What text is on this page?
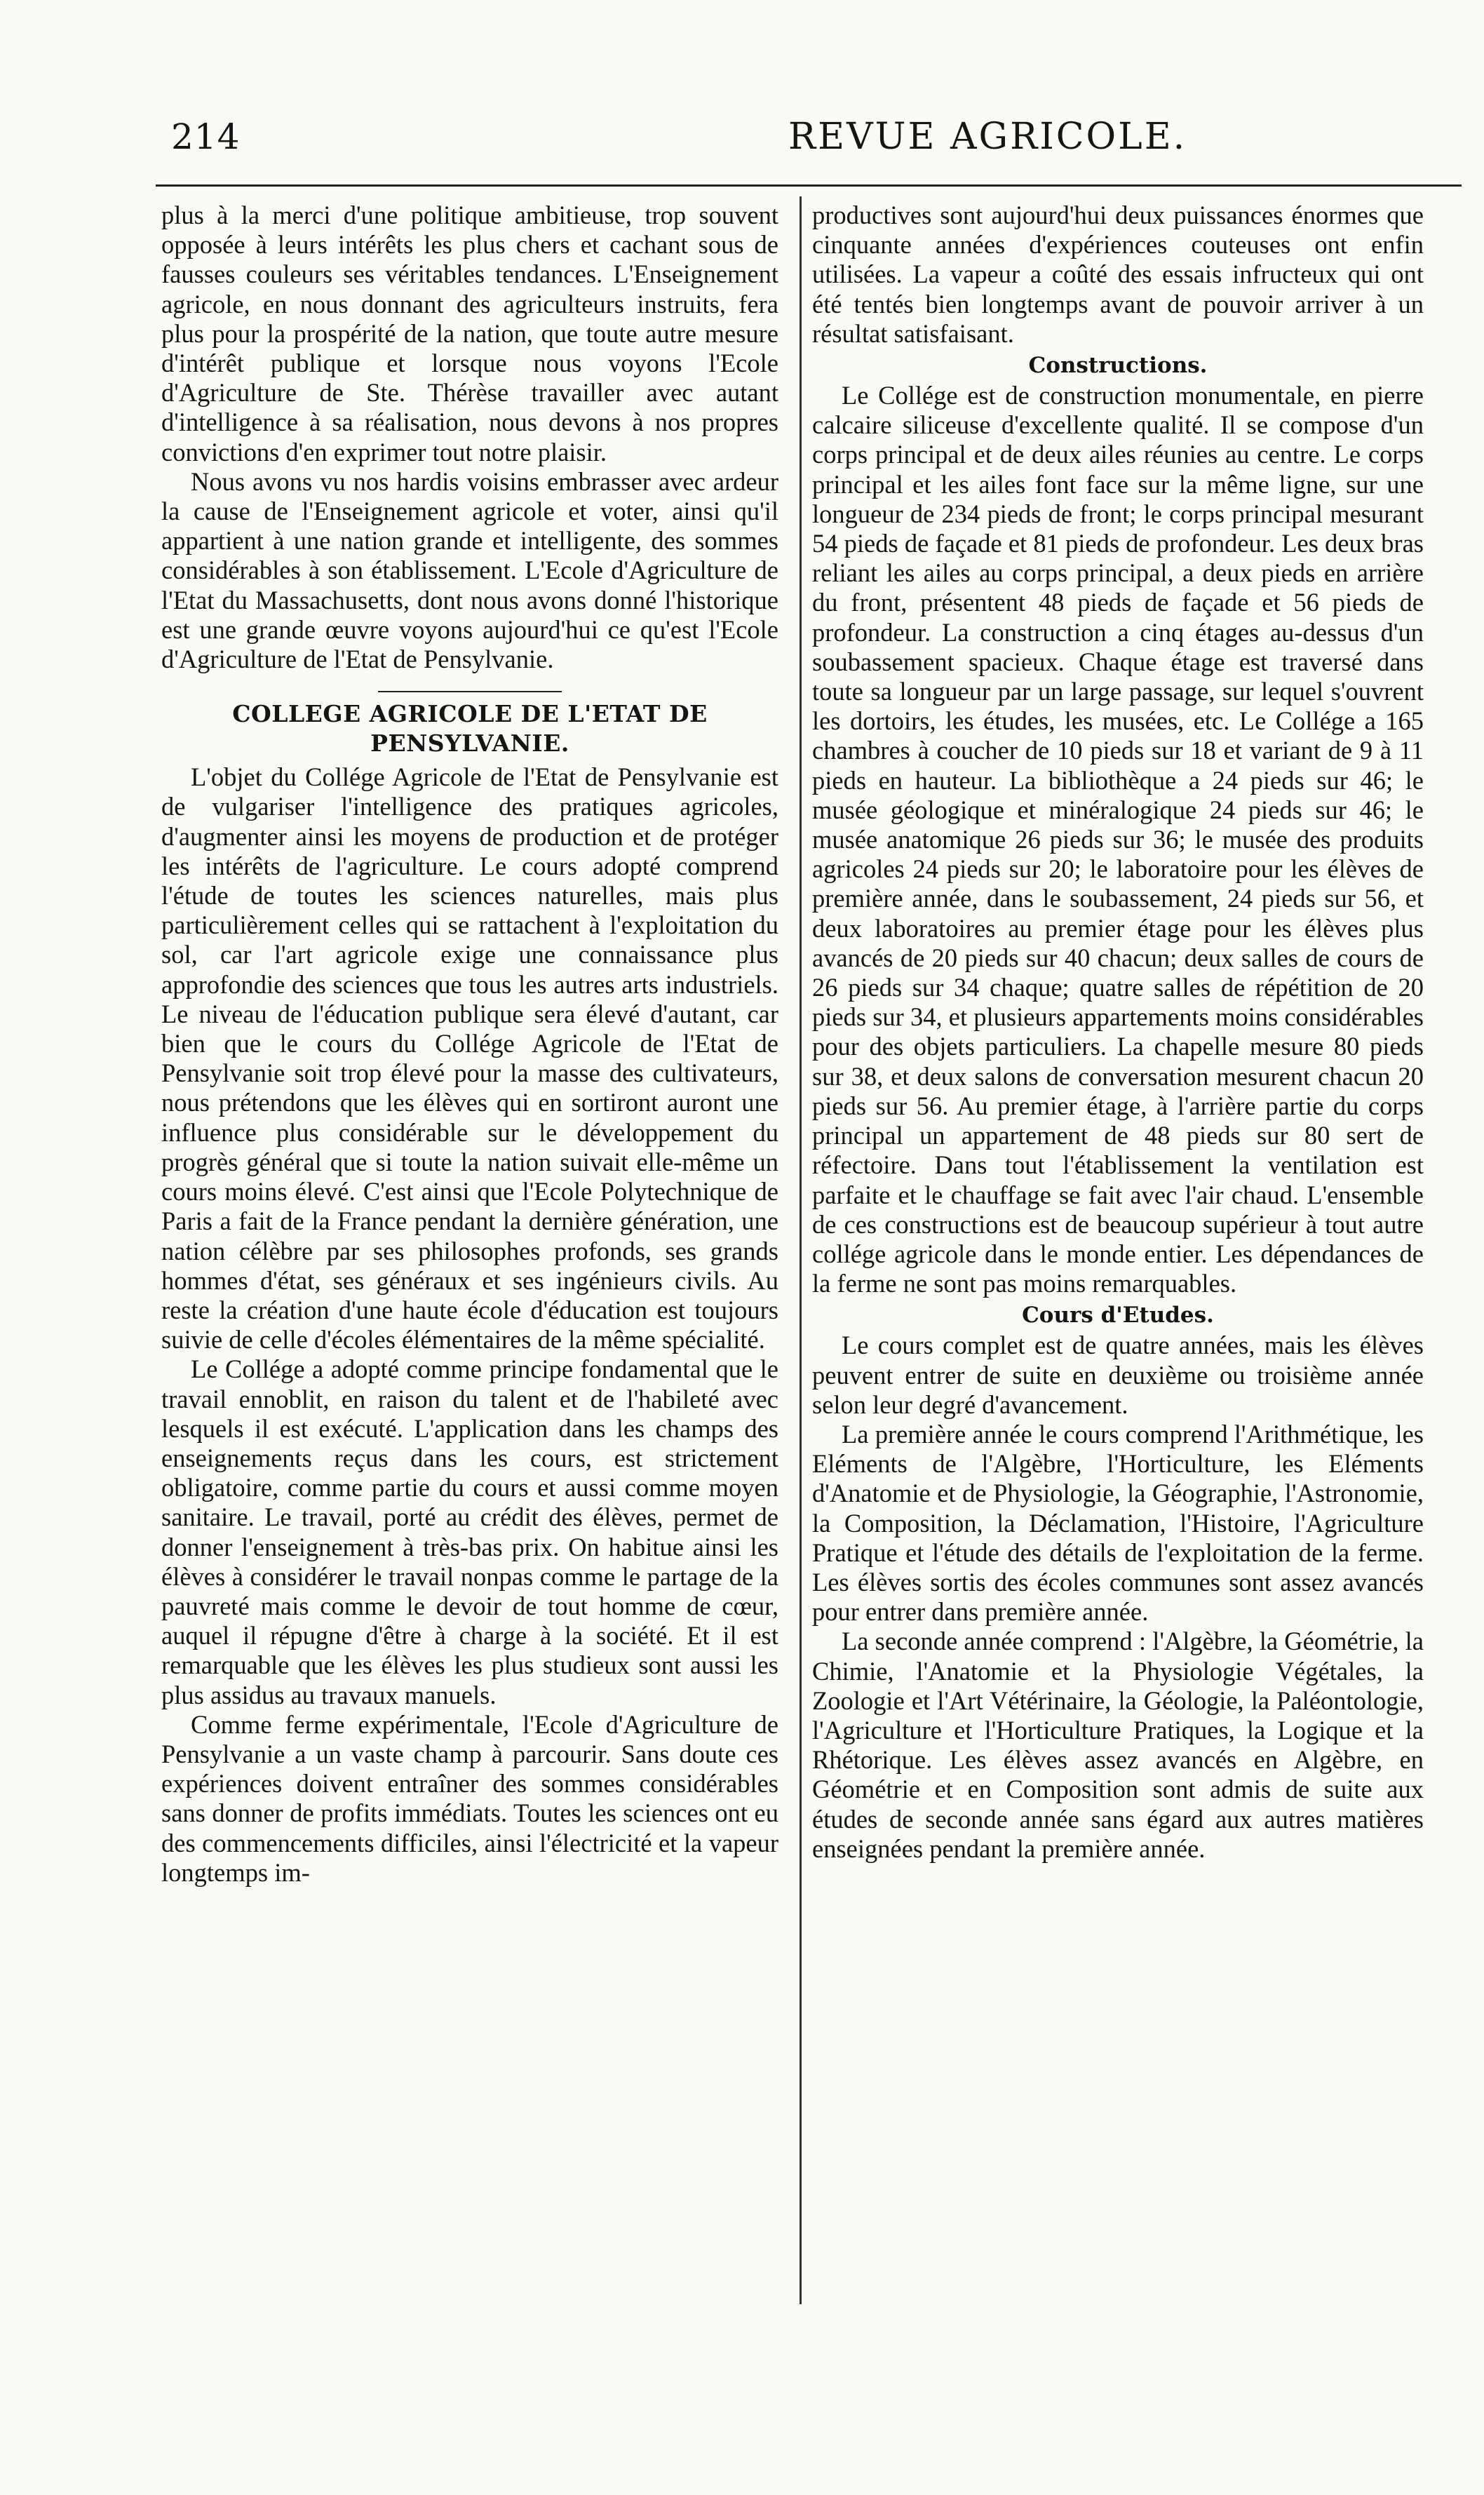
214	REVUE AGRICOLE.

plus à la merci d'une politique ambitieuse, trop souvent opposée à leurs intérêts les plus chers et cachant sous de fausses couleurs ses véritables tendances. L'Enseignement agricole, en nous donnant des agriculteurs instruits, fera plus pour la prospérité de la nation, que toute autre mesure d'intérêt publique et lorsque nous voyons l'Ecole d'Agriculture de Ste. Thérèse travailler avec autant d'intelligence à sa réalisation, nous devons à nos propres convictions d'en exprimer tout notre plaisir.

Nous avons vu nos hardis voisins embrasser avec ardeur la cause de l'Enseignement agricole et voter, ainsi qu'il appartient à une nation grande et intelligente, des sommes considérables à son établissement. L'Ecole d'Agriculture de l'Etat du Massachusetts, dont nous avons donné l'historique est une grande œuvre voyons aujourd'hui ce qu'est l'Ecole d'Agriculture de l'Etat de Pensylvanie.

COLLEGE AGRICOLE DE L'ETAT DE PENSYLVANIE.

L'objet du Collége Agricole de l'Etat de Pensylvanie est de vulgariser l'intelligence des pratiques agricoles, d'augmenter ainsi les moyens de production et de protéger les intérêts de l'agriculture. Le cours adopté comprend l'étude de toutes les sciences naturelles, mais plus particulièrement celles qui se rattachent à l'exploitation du sol, car l'art agricole exige une connaissance plus approfondie des sciences que tous les autres arts industriels. Le niveau de l'éducation publique sera élevé d'autant, car bien que le cours du Collége Agricole de l'Etat de Pensylvanie soit trop élevé pour la masse des cultivateurs, nous prétendons que les élèves qui en sortiront auront une influence plus considérable sur le développement du progrès général que si toute la nation suivait elle-même un cours moins élevé. C'est ainsi que l'Ecole Polytechnique de Paris a fait de la France pendant la dernière génération, une nation célèbre par ses philosophes profonds, ses grands hommes d'état, ses généraux et ses ingénieurs civils. Au reste la création d'une haute école d'éducation est toujours suivie de celle d'écoles élémentaires de la même spécialité.

Le Collége a adopté comme principe fondamental que le travail ennoblit, en raison du talent et de l'habileté avec lesquels il est exécuté. L'application dans les champs des enseignements reçus dans les cours, est strictement obligatoire, comme partie du cours et aussi comme moyen sanitaire. Le travail, porté au crédit des élèves, permet de donner l'enseignement à très-bas prix. On habitue ainsi les élèves à considérer le travail nonpas comme le partage de la pauvreté mais comme le devoir de tout homme de cœur, auquel il répugne d'être à charge à la société. Et il est remarquable que les élèves les plus studieux sont aussi les plus assidus au travaux manuels.

Comme ferme expérimentale, l'Ecole d'Agriculture de Pensylvanie a un vaste champ à parcourir. Sans doute ces expériences doivent entraîner des sommes considérables sans donner de profits immédiats. Toutes les sciences ont eu des commencements difficiles, ainsi l'électricité et la vapeur longtemps im-

productives sont aujourd'hui deux puissances énormes que cinquante années d'expériences couteuses ont enfin utilisées. La vapeur a coûté des essais infructeux qui ont été tentés bien longtemps avant de pouvoir arriver à un résultat satisfaisant.

Constructions.

Le Collége est de construction monumentale, en pierre calcaire siliceuse d'excellente qualité. Il se compose d'un corps principal et de deux ailes réunies au centre. Le corps principal et les ailes font face sur la même ligne, sur une longueur de 234 pieds de front; le corps principal mesurant 54 pieds de façade et 81 pieds de profondeur. Les deux bras reliant les ailes au corps principal, a deux pieds en arrière du front, présentent 48 pieds de façade et 56 pieds de profondeur. La construction a cinq étages au-dessus d'un soubassement spacieux. Chaque étage est traversé dans toute sa longueur par un large passage, sur lequel s'ouvrent les dortoirs, les études, les musées, etc. Le Collége a 165 chambres à coucher de 10 pieds sur 18 et variant de 9 à 11 pieds en hauteur. La bibliothèque a 24 pieds sur 46; le musée géologique et minéralogique 24 pieds sur 46; le musée anatomique 26 pieds sur 36; le musée des produits agricoles 24 pieds sur 20; le laboratoire pour les élèves de première année, dans le soubassement, 24 pieds sur 56, et deux laboratoires au premier étage pour les élèves plus avancés de 20 pieds sur 40 chacun; deux salles de cours de 26 pieds sur 34 chaque; quatre salles de répétition de 20 pieds sur 34, et plusieurs appartements moins considérables pour des objets particuliers. La chapelle mesure 80 pieds sur 38, et deux salons de conversation mesurent chacun 20 pieds sur 56. Au premier étage, à l'arrière partie du corps principal un appartement de 48 pieds sur 80 sert de réfectoire. Dans tout l'établissement la ventilation est parfaite et le chauffage se fait avec l'air chaud. L'ensemble de ces constructions est de beaucoup supérieur à tout autre collége agricole dans le monde entier. Les dépendances de la ferme ne sont pas moins remarquables.

Cours d'Etudes.

Le cours complet est de quatre années, mais les élèves peuvent entrer de suite en deuxième ou troisième année selon leur degré d'avancement.

La première année le cours comprend l'Arithmétique, les Eléments de l'Algèbre, l'Horticulture, les Eléments d'Anatomie et de Physiologie, la Géographie, l'Astronomie, la Composition, la Déclamation, l'Histoire, l'Agriculture Pratique et l'étude des détails de l'exploitation de la ferme. Les élèves sortis des écoles communes sont assez avancés pour entrer dans première année.

La seconde année comprend : l'Algèbre, la Géométrie, la Chimie, l'Anatomie et la Physiologie Végétales, la Zoologie et l'Art Vétérinaire, la Géologie, la Paléontologie, l'Agriculture et l'Horticulture Pratiques, la Logique et la Rhétorique. Les élèves assez avancés en Algèbre, en Géométrie et en Composition sont admis de suite aux études de seconde année sans égard aux autres matières enseignées pendant la première année.
